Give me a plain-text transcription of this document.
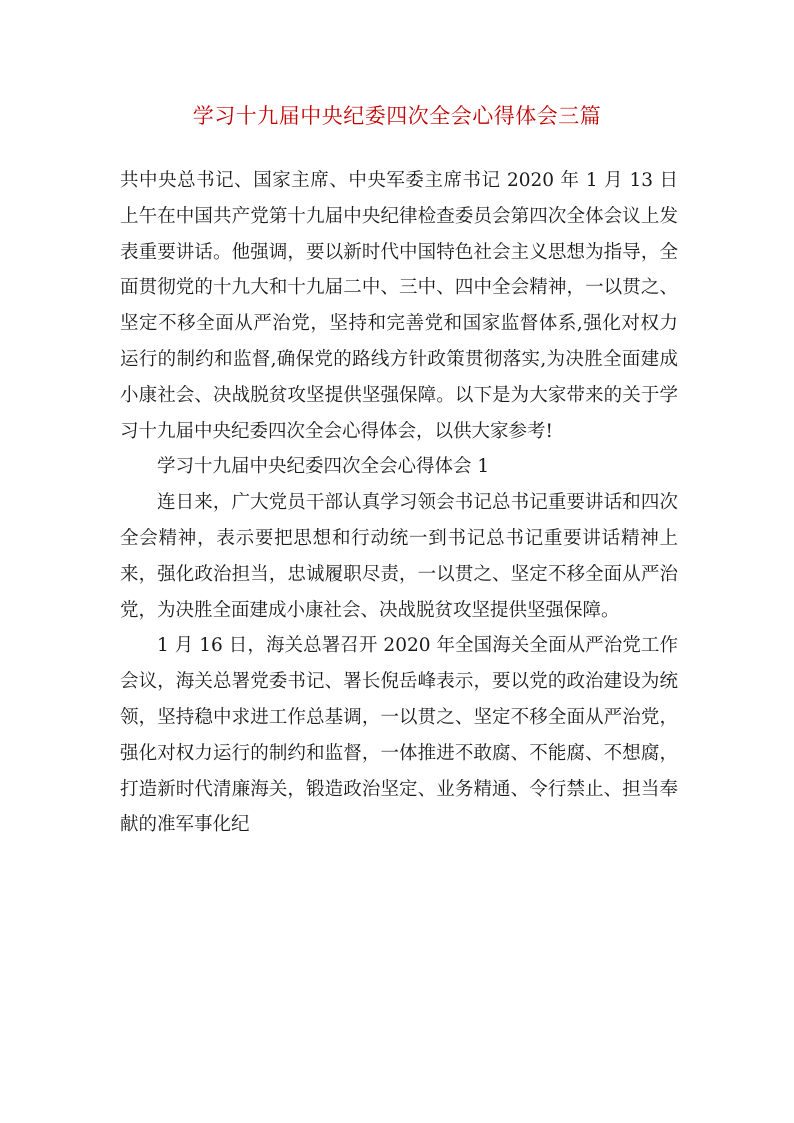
学习十九届中央纪委四次全会心得体会三篇

共中央总书记、国家主席、中央军委主席书记 2020 年 1 月 13 日上午在中国共产党第十九届中央纪律检查委员会第四次全体会议上发表重要讲话。他强调，要以新时代中国特色社会主义思想为指导，全面贯彻党的十九大和十九届二中、三中、四中全会精神，一以贯之、坚定不移全面从严治党，坚持和完善党和国家监督体系,强化对权力运行的制约和监督,确保党的路线方针政策贯彻落实,为决胜全面建成小康社会、决战脱贫攻坚提供坚强保障。以下是为大家带来的关于学习十九届中央纪委四次全会心得体会，以供大家参考!

学习十九届中央纪委四次全会心得体会 1

连日来，广大党员干部认真学习领会书记总书记重要讲话和四次全会精神，表示要把思想和行动统一到书记总书记重要讲话精神上来，强化政治担当，忠诚履职尽责，一以贯之、坚定不移全面从严治党，为决胜全面建成小康社会、决战脱贫攻坚提供坚强保障。

1 月 16 日，海关总署召开 2020 年全国海关全面从严治党工作会议，海关总署党委书记、署长倪岳峰表示，要以党的政治建设为统领，坚持稳中求进工作总基调，一以贯之、坚定不移全面从严治党，强化对权力运行的制约和监督，一体推进不敢腐、不能腐、不想腐，打造新时代清廉海关，锻造政治坚定、业务精通、令行禁止、担当奉献的准军事化纪
